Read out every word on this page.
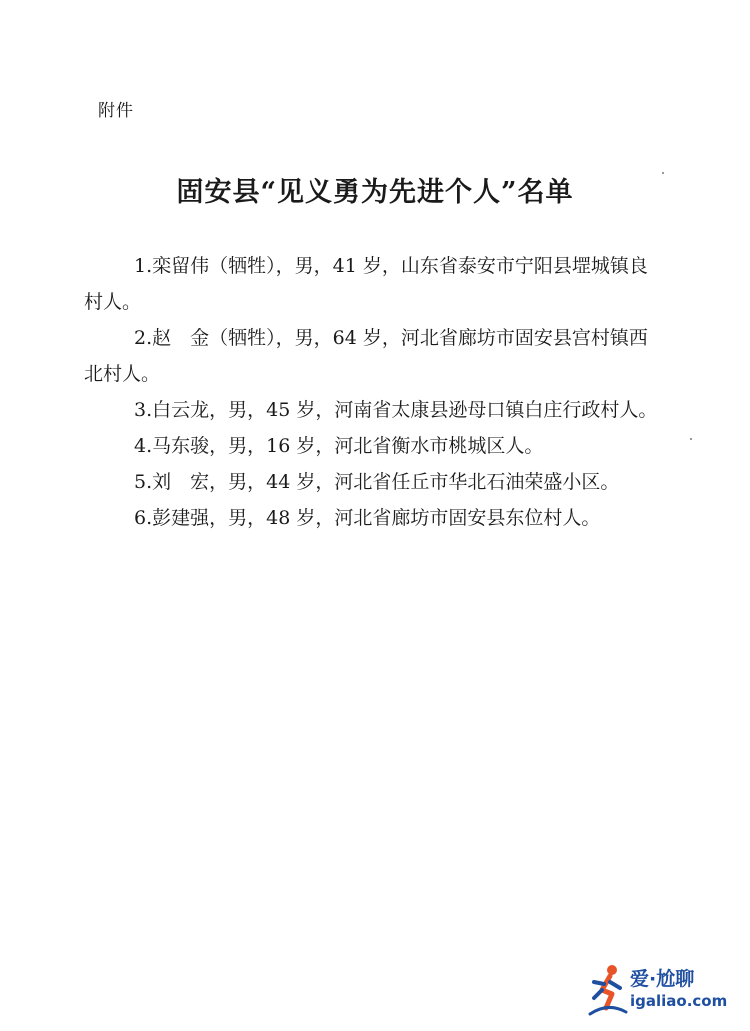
附件
固安县“见义勇为先进个人”名单

1.栾留伟（牺牲），男，41 岁，山东省泰安市宁阳县堽城镇良
村人。

2.赵　金（牺牲），男，64 岁，河北省廊坊市固安县宫村镇西
北村人。

3.白云龙，男，45 岁，河南省太康县逊母口镇白庄行政村人。

4.马东骏，男，16 岁，河北省衡水市桃城区人。

5.刘　宏，男，44 岁，河北省任丘市华北石油荣盛小区。

6.彭建强，男，48 岁，河北省廊坊市固安县东位村人。

爱·尬聊
igaliao.com
